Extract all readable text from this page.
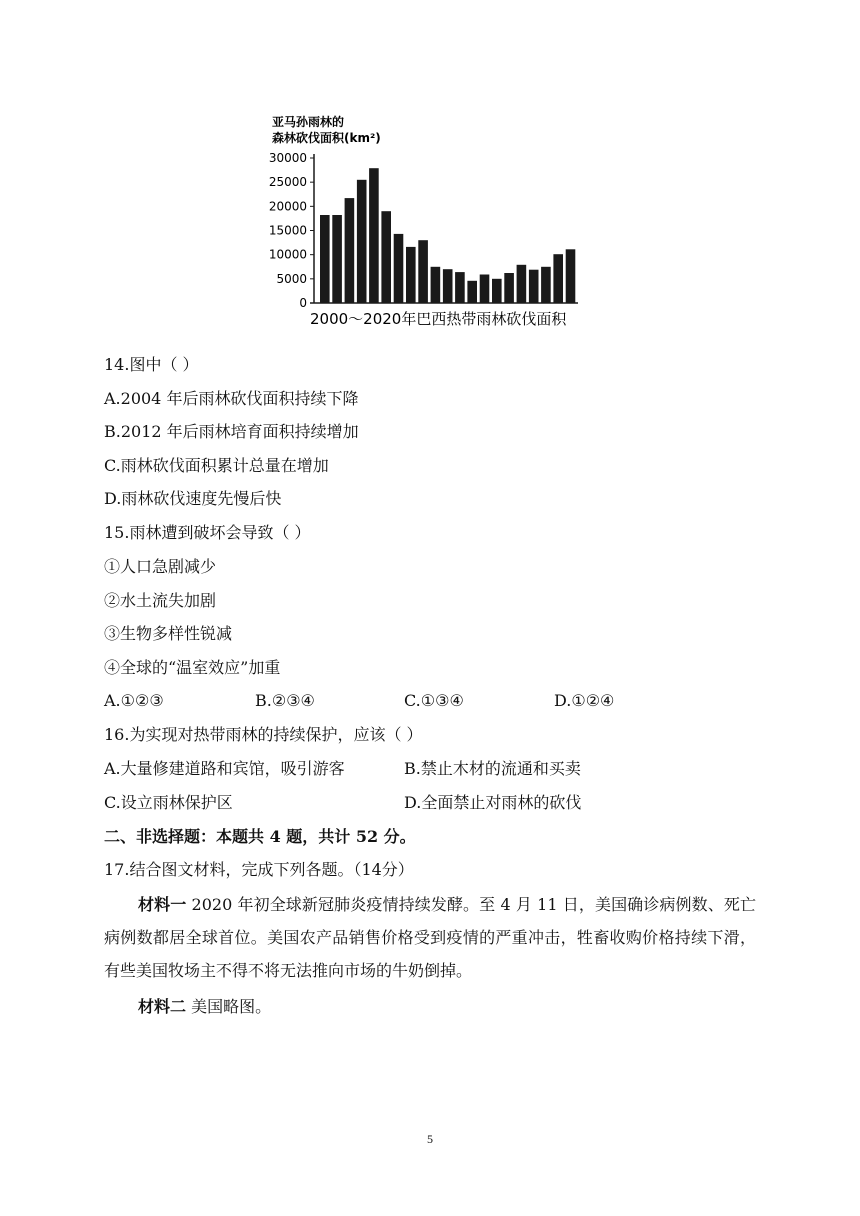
亚马孙雨林的
森林砍伐面积(km²)
30000
25000
20000
15000
10000
5000
0
2000～2020年巴西热带雨林砍伐面积
14.图中（ ）
A.2004 年后雨林砍伐面积持续下降
B.2012 年后雨林培育面积持续增加
C.雨林砍伐面积累计总量在增加
D.雨林砍伐速度先慢后快
15.雨林遭到破坏会导致（ ）
①人口急剧减少
②水土流失加剧
③生物多样性锐减
④全球的“温室效应”加重
A.①②③	B.②③④	C.①③④	D.①②④
16.为实现对热带雨林的持续保护，应该（ ）
A.大量修建道路和宾馆，吸引游客	B.禁止木材的流通和买卖
C.设立雨林保护区	D.全面禁止对雨林的砍伐
二、非选择题：本题共 4 题，共计 52 分。
17.结合图文材料，完成下列各题。（14分）
材料一 2020 年初全球新冠肺炎疫情持续发酵。至 4 月 11 日，美国确诊病例数、死亡病例数都居全球首位。美国农产品销售价格受到疫情的严重冲击，牲畜收购价格持续下滑，有些美国牧场主不得不将无法推向市场的牛奶倒掉。
材料二 美国略图。
5
